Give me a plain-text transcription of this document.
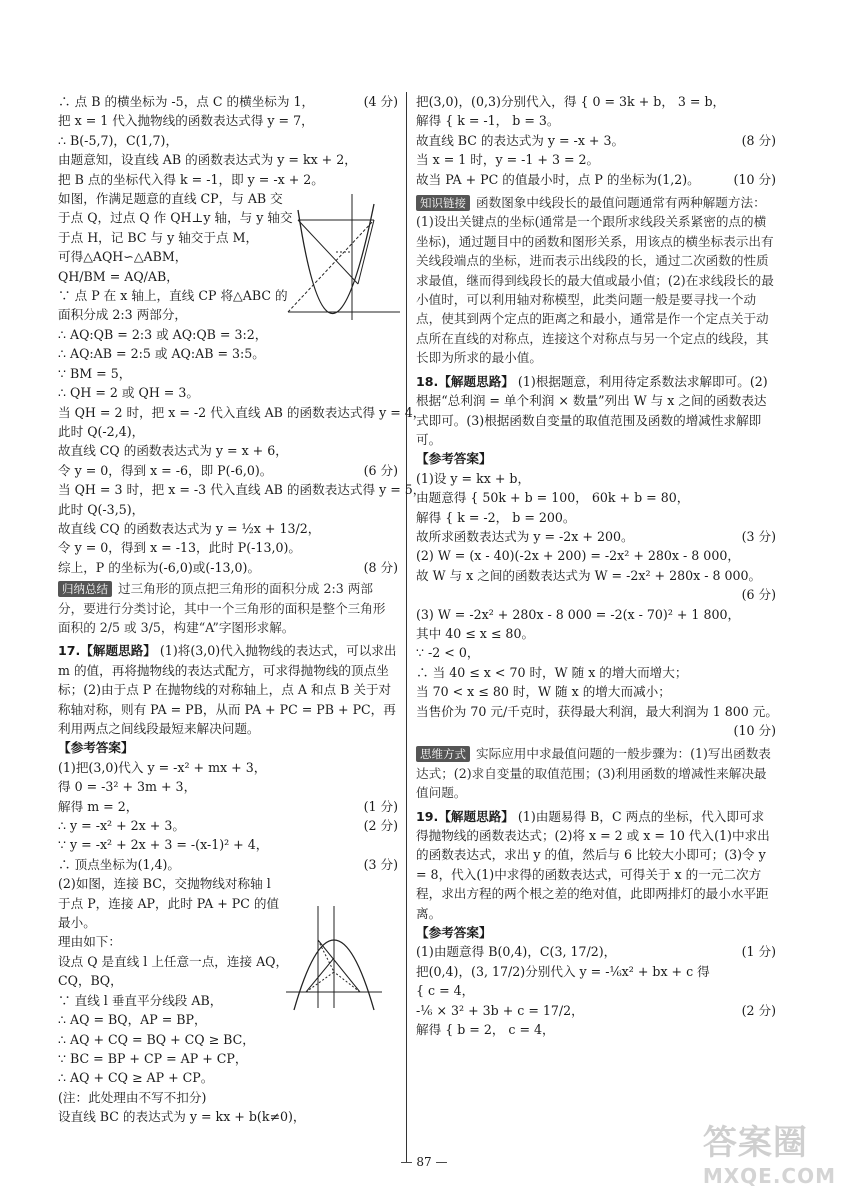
∴ 点 B 的横坐标为 -5，点 C 的横坐标为 1，	(4 分)
把 x = 1 代入抛物线的函数表达式得 y = 7，
∴ B(-5,7)，C(1,7)，
由题意知，设直线 AB 的函数表达式为 y = kx + 2，
把 B 点的坐标代入得 k = -1，即 y = -x + 2。
如图，作满足题意的直线 CP，与 AB 交
于点 Q，过点 Q 作 QH⊥y 轴，与 y 轴交
于点 H，记 BC 与 y 轴交于点 M，
可得△AQH∽△ABM，
QH/BM = AQ/AB，
∵ 点 P 在 x 轴上，直线 CP 将△ABC 的
面积分成 2:3 两部分，
∴ AQ:QB = 2:3 或 AQ:QB = 3:2，
∴ AQ:AB = 2:5 或 AQ:AB = 3:5。
∵ BM = 5，
∴ QH = 2 或 QH = 3。
当 QH = 2 时，把 x = -2 代入直线 AB 的函数表达式得 y = 4，
此时 Q(-2,4)，
故直线 CQ 的函数表达式为 y = x + 6，
令 y = 0，得到 x = -6，即 P(-6,0)。	(6 分)
当 QH = 3 时，把 x = -3 代入直线 AB 的函数表达式得 y = 5，
此时 Q(-3,5)，
故直线 CQ 的函数表达式为 y = ½x + 13/2，
令 y = 0，得到 x = -13，此时 P(-13,0)。
综上，P 的坐标为(-6,0)或(-13,0)。	(8 分)
归纳总结 过三角形的顶点把三角形的面积分成 2:3 两部分，要进行分类讨论，其中一个三角形的面积是整个三角形面积的 2/5 或 3/5，构建“A”字图形求解。
17.【解题思路】 (1)将(3,0)代入抛物线的表达式，可以求出 m 的值，再将抛物线的表达式配方，可求得抛物线的顶点坐标；(2)由于点 P 在抛物线的对称轴上，点 A 和点 B 关于对称轴对称，则有 PA = PB，从而 PA + PC = PB + PC，再利用两点之间线段最短来解决问题。
【参考答案】
(1)把(3,0)代入 y = -x² + mx + 3，
得 0 = -3² + 3m + 3，
解得 m = 2，	(1 分)
∴ y = -x² + 2x + 3。	(2 分)
∵ y = -x² + 2x + 3 = -(x-1)² + 4，
∴ 顶点坐标为(1,4)。	(3 分)
(2)如图，连接 BC，交抛物线对称轴 l
于点 P，连接 AP，此时 PA + PC 的值
最小。
理由如下：
设点 Q 是直线 l 上任意一点，连接 AQ，
CQ，BQ，
∵ 直线 l 垂直平分线段 AB，
∴ AQ = BQ，AP = BP，
∴ AQ + CQ = BQ + CQ ≥ BC，
∵ BC = BP + CP = AP + CP，
∴ AQ + CQ ≥ AP + CP。
(注：此处理由不写不扣分)
设直线 BC 的表达式为 y = kx + b(k≠0)，
把(3,0)，(0,3)分别代入，得 { 0 = 3k + b， 3 = b，
解得 { k = -1， b = 3。
故直线 BC 的表达式为 y = -x + 3。	(8 分)
当 x = 1 时，y = -1 + 3 = 2。
故当 PA + PC 的值最小时，点 P 的坐标为(1,2)。	(10 分)
知识链接 函数图象中线段长的最值问题通常有两种解题方法：(1)设出关键点的坐标(通常是一个跟所求线段关系紧密的点的横坐标)，通过题目中的函数和图形关系，用该点的横坐标表示出有关线段端点的坐标，进而表示出线段的长，通过二次函数的性质求最值，继而得到线段长的最大值或最小值；(2)在求线段长的最小值时，可以利用轴对称模型，此类问题一般是要寻找一个动点，使其到两个定点的距离之和最小，通常是作一个定点关于动点所在直线的对称点，连接这个对称点与另一个定点的线段，其长即为所求的最小值。
18.【解题思路】 (1)根据题意，利用待定系数法求解即可。(2)根据“总利润 = 单个利润 × 数量”列出 W 与 x 之间的函数表达式即可。(3)根据函数自变量的取值范围及函数的增减性求解即可。
【参考答案】
(1)设 y = kx + b，
由题意得 { 50k + b = 100， 60k + b = 80，
解得 { k = -2， b = 200。
故所求函数表达式为 y = -2x + 200。	(3 分)
(2) W = (x - 40)(-2x + 200) = -2x² + 280x - 8 000，
故 W 与 x 之间的函数表达式为 W = -2x² + 280x - 8 000。
(6 分)
(3) W = -2x² + 280x - 8 000 = -2(x - 70)² + 1 800，
其中 40 ≤ x ≤ 80。
∵ -2 < 0，
∴ 当 40 ≤ x < 70 时，W 随 x 的增大而增大；
当 70 < x ≤ 80 时，W 随 x 的增大而减小；
当售价为 70 元/千克时，获得最大利润，最大利润为 1 800 元。
(10 分)
思维方式 实际应用中求最值问题的一般步骤为：(1)写出函数表达式；(2)求自变量的取值范围；(3)利用函数的增减性来解决最值问题。
19.【解题思路】 (1)由题易得 B，C 两点的坐标，代入即可求得抛物线的函数表达式；(2)将 x = 2 或 x = 10 代入(1)中求出的函数表达式，求出 y 的值，然后与 6 比较大小即可；(3)令 y = 8，代入(1)中求得的函数表达式，可得关于 x 的一元二次方程，求出方程的两个根之差的绝对值，此即两排灯的最小水平距离。
【参考答案】
(1)由题意得 B(0,4)，C(3, 17/2)，	(1 分)
把(0,4)，(3, 17/2)分别代入 y = -⅙x² + bx + c 得
{ c = 4，
-⅙ × 3² + 3b + c = 17/2，	(2 分)
解得 { b = 2， c = 4，
— 87 —	答案圈
MXQE.COM
